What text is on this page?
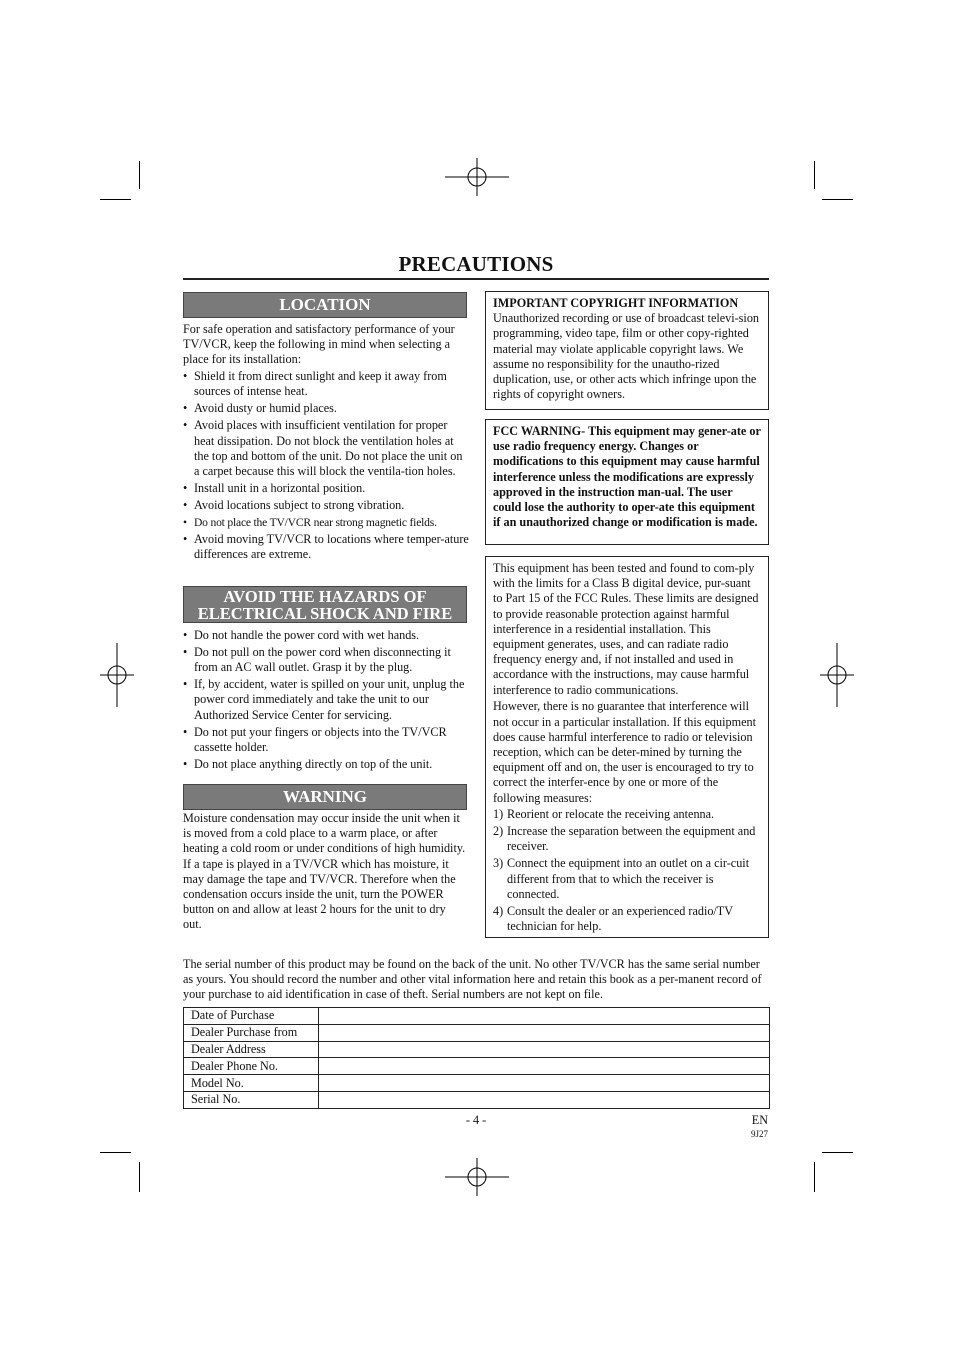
PRECAUTIONS
LOCATION

For safe operation and satisfactory performance of your TV/VCR, keep the following in mind when selecting a place for its installation:

• Shield it from direct sunlight and keep it away from sources of intense heat.
• Avoid dusty or humid places.
• Avoid places with insufficient ventilation for proper heat dissipation. Do not block the ventilation holes at the top and bottom of the unit. Do not place the unit on a carpet because this will block the ventila-tion holes.
• Install unit in a horizontal position.
• Avoid locations subject to strong vibration.
• Do not place the TV/VCR near strong magnetic fields.
• Avoid moving TV/VCR to locations where temper-ature differences are extreme.
AVOID THE HAZARDS OF
ELECTRICAL SHOCK AND FIRE
• Do not handle the power cord with wet hands.
• Do not pull on the power cord when disconnecting it from an AC wall outlet. Grasp it by the plug.
• If, by accident, water is spilled on your unit, unplug the power cord immediately and take the unit to our Authorized Service Center for servicing.
• Do not put your fingers or objects into the TV/VCR cassette holder.
• Do not place anything directly on top of the unit.
WARNING

Moisture condensation may occur inside the unit when it is moved from a cold place to a warm place, or after heating a cold room or under conditions of high humidity. If a tape is played in a TV/VCR which has moisture, it may damage the tape and TV/VCR. Therefore when the condensation occurs inside the unit, turn the POWER button on and allow at least 2 hours for the unit to dry out.

IMPORTANT COPYRIGHT INFORMATION

Unauthorized recording or use of broadcast televi-sion programming, video tape, film or other copy-righted material may violate applicable copyright laws. We assume no responsibility for the unautho-rized duplication, use, or other acts which infringe upon the rights of copyright owners.

FCC WARNING- This equipment may gener-ate or use radio frequency energy. Changes or modifications to this equipment may cause harmful interference unless the modifications are expressly approved in the instruction man-ual. The user could lose the authority to oper-ate this equipment if an unauthorized change or modification is made.

This equipment has been tested and found to com-ply with the limits for a Class B digital device, pur-suant to Part 15 of the FCC Rules. These limits are designed to provide reasonable protection against harmful interference in a residential installation. This equipment generates, uses, and can radiate radio frequency energy and, if not installed and used in accordance with the instructions, may cause harmful interference to radio communications.

However, there is no guarantee that interference will not occur in a particular installation. If this equipment does cause harmful interference to radio or television reception, which can be deter-mined by turning the equipment off and on, the user is encouraged to try to correct the interfer-ence by one or more of the following measures:

1) Reorient or relocate the receiving antenna.
2) Increase the separation between the equipment and receiver.
3) Connect the equipment into an outlet on a cir-cuit different from that to which the receiver is connected.
4) Consult the dealer or an experienced radio/TV technician for help.

The serial number of this product may be found on the back of the unit. No other TV/VCR has the same serial number as yours. You should record the number and other vital information here and retain this book as a per-manent record of your purchase to aid identification in case of theft. Serial numbers are not kept on file.

Date of Purchase	
Dealer Purchase from	
Dealer Address	
Dealer Phone No.	
Model No.	
Serial No.	
- 4 -	EN
9J27
